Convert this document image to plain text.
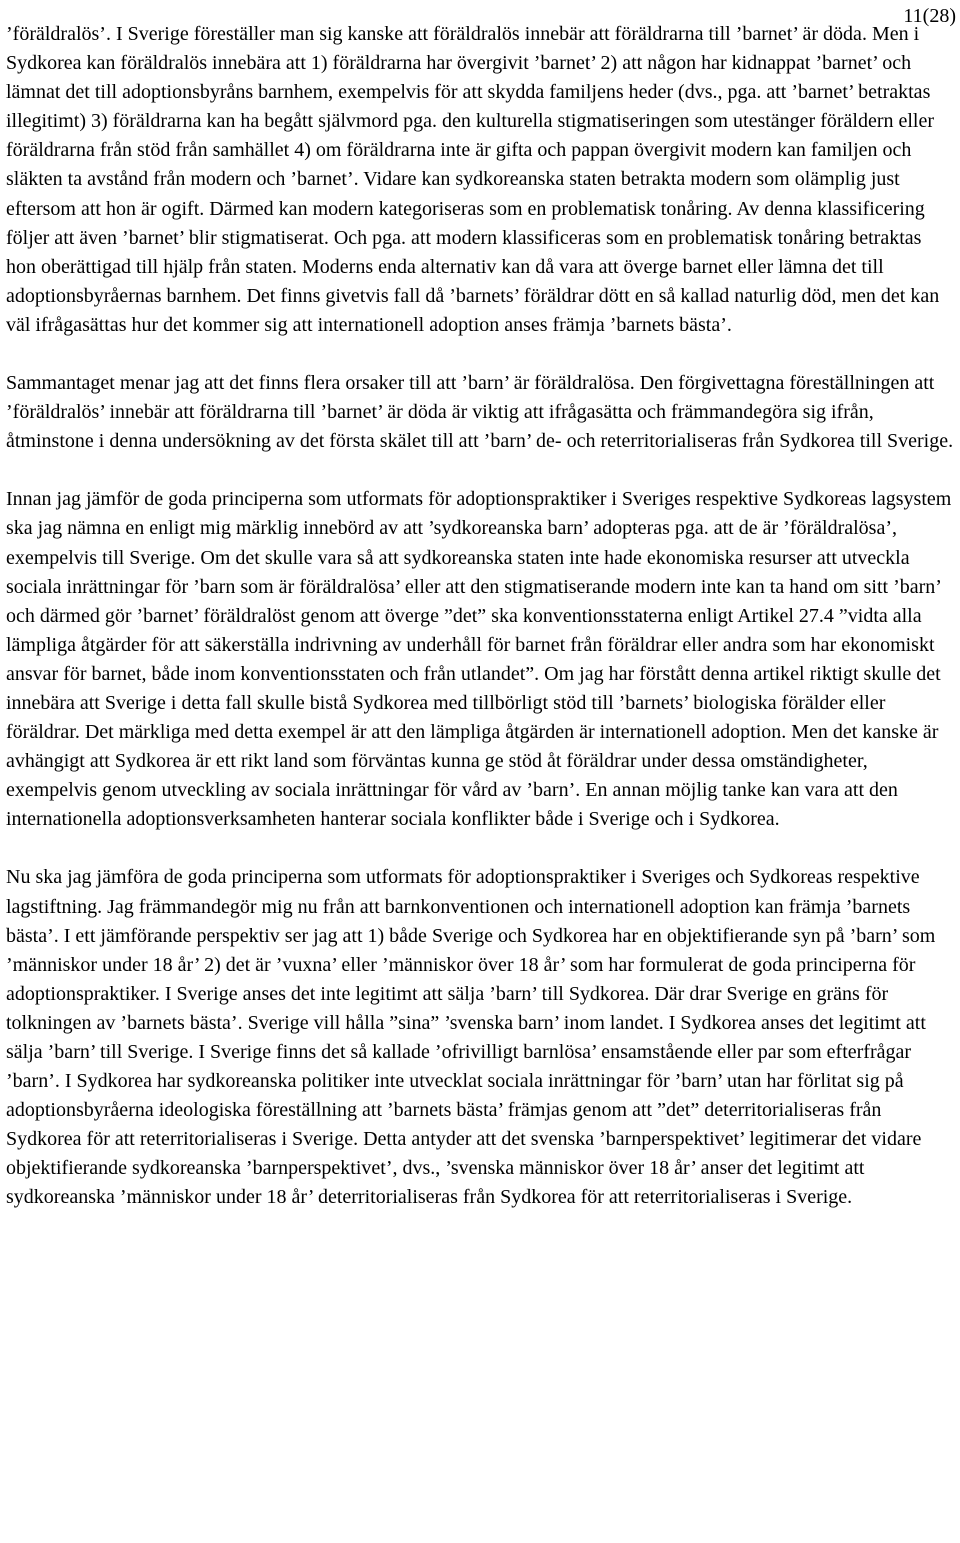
11(28)

’föräldralös’. I Sverige föreställer man sig kanske att föräldralös innebär att föräldrarna till ’barnet’ är döda. Men i Sydkorea kan föräldralös innebära att 1) föräldrarna har övergivit ’barnet’ 2) att någon har kidnappat ’barnet’ och lämnat det till adoptionsbyråns barnhem, exempelvis för att skydda familjens heder (dvs., pga. att ’barnet’ betraktas illegitimt) 3) föräldrarna kan ha begått självmord pga. den kulturella stigmatiseringen som utestänger föräldern eller föräldrarna från stöd från samhället 4) om föräldrarna inte är gifta och pappan övergivit modern kan familjen och släkten ta avstånd från modern och ’barnet’. Vidare kan sydkoreanska staten betrakta modern som olämplig just eftersom att hon är ogift. Därmed kan modern kategoriseras som en problematisk tonåring. Av denna klassificering följer att även ’barnet’ blir stigmatiserat. Och pga. att modern klassificeras som en problematisk tonåring betraktas hon oberättigad till hjälp från staten. Moderns enda alternativ kan då vara att överge barnet eller lämna det till adoptionsbyråernas barnhem. Det finns givetvis fall då ’barnets’ föräldrar dött en så kallad naturlig död, men det kan väl ifrågasättas hur det kommer sig att internationell adoption anses främja ’barnets bästa’.

Sammantaget menar jag att det finns flera orsaker till att ’barn’ är föräldralösa. Den förgivettagna föreställningen att ’föräldralös’ innebär att föräldrarna till ’barnet’ är döda är viktig att ifrågasätta och främmandegöra sig ifrån, åtminstone i denna undersökning av det första skälet till att ’barn’ de- och reterritorialiseras från Sydkorea till Sverige.

Innan jag jämför de goda principerna som utformats för adoptionspraktiker i Sveriges respektive Sydkoreas lagsystem ska jag nämna en enligt mig märklig innebörd av att ’sydkoreanska barn’ adopteras pga. att de är ’föräldralösa’, exempelvis till Sverige. Om det skulle vara så att sydkoreanska staten inte hade ekonomiska resurser att utveckla sociala inrättningar för ’barn som är föräldralösa’ eller att den stigmatiserande modern inte kan ta hand om sitt ’barn’ och därmed gör ’barnet’ föräldralöst genom att överge ”det” ska konventionsstaterna enligt Artikel 27.4 ”vidta alla lämpliga åtgärder för att säkerställa indrivning av underhåll för barnet från föräldrar eller andra som har ekonomiskt ansvar för barnet, både inom konventionsstaten och från utlandet”. Om jag har förstått denna artikel riktigt skulle det innebära att Sverige i detta fall skulle bistå Sydkorea med tillbörligt stöd till ’barnets’ biologiska förälder eller föräldrar. Det märkliga med detta exempel är att den lämpliga åtgärden är internationell adoption. Men det kanske är avhängigt att Sydkorea är ett rikt land som förväntas kunna ge stöd åt föräldrar under dessa omständigheter, exempelvis genom utveckling av sociala inrättningar för vård av ’barn’. En annan möjlig tanke kan vara att den internationella adoptionsverksamheten hanterar sociala konflikter både i Sverige och i Sydkorea.

Nu ska jag jämföra de goda principerna som utformats för adoptionspraktiker i Sveriges och Sydkoreas respektive lagstiftning. Jag främmandegör mig nu från att barnkonventionen och internationell adoption kan främja ’barnets bästa’. I ett jämförande perspektiv ser jag att 1) både Sverige och Sydkorea har en objektifierande syn på ’barn’ som ’människor under 18 år’ 2) det är ’vuxna’ eller ’människor över 18 år’ som har formulerat de goda principerna för adoptionspraktiker. I Sverige anses det inte legitimt att sälja ’barn’ till Sydkorea. Där drar Sverige en gräns för tolkningen av ’barnets bästa’. Sverige vill hålla ”sina” ’svenska barn’ inom landet. I Sydkorea anses det legitimt att sälja ’barn’ till Sverige. I Sverige finns det så kallade ’ofrivilligt barnlösa’ ensamstående eller par som efterfrågar ’barn’. I Sydkorea har sydkoreanska politiker inte utvecklat sociala inrättningar för ’barn’ utan har förlitat sig på adoptionsbyråerna ideologiska föreställning att ’barnets bästa’ främjas genom att ”det” deterritorialiseras från Sydkorea för att reterritorialiseras i Sverige. Detta antyder att det svenska ’barnperspektivet’ legitimerar det vidare objektifierande sydkoreanska ’barnperspektivet’, dvs., ’svenska människor över 18 år’ anser det legitimt att sydkoreanska ’människor under 18 år’ deterritorialiseras från Sydkorea för att reterritorialiseras i Sverige.
